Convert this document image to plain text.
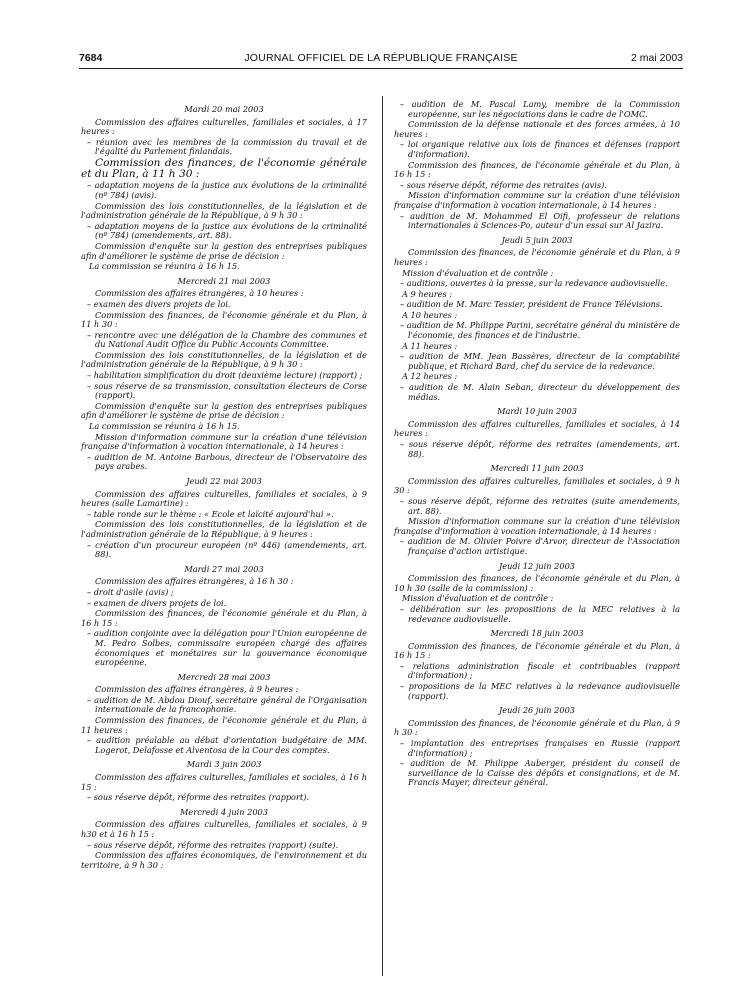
7684	JOURNAL OFFICIEL DE LA RÉPUBLIQUE FRANÇAISE	2 mai 2003
Mardi 20 mai 2003
Commission des affaires culturelles, familiales et sociales, à 17 heures :
– réunion avec les membres de la commission du travail et de l'égalité du Parlement finlandais.
Commission des finances, de l'économie générale et du Plan, à 11 h 30 :
– adaptation moyens de la justice aux évolutions de la criminalité (nº 784) (avis).
Commission des lois constitutionnelles, de la législation et de l'administration générale de la République, à 9 h 30 :
– adaptation moyens de la justice aux évolutions de la criminalité (nº 784) (amendements, art. 88).
Commission d'enquête sur la gestion des entreprises publiques afin d'améliorer le système de prise de décision :
La commission se réunira à 16 h 15.
Mercredi 21 mai 2003
Commission des affaires étrangères, à 10 heures :
– examen des divers projets de loi.
Commission des finances, de l'économie générale et du Plan, à 11 h 30 :
– rencontre avec une délégation de la Chambre des communes et du National Audit Office du Public Accounts Committee.
Commission des lois constitutionnelles, de la législation et de l'administration générale de la République, à 9 h 30 :
– habilitation simplification du droit (deuxième lecture) (rapport) ;
– sous réserve de sa transmission, consultation électeurs de Corse (rapport).
Commission d'enquête sur la gestion des entreprises publiques afin d'améliorer le système de prise de décision :
La commission se réunira à 16 h 15.
Mission d'information commune sur la création d'une télévision française d'information à vocation internationale, à 14 heures :
– audition de M. Antoine Barbous, directeur de l'Observatoire des pays arabes.
Jeudi 22 mai 2003
Commission des affaires culturelles, familiales et sociales, à 9 heures (salle Lamartine) :
– table ronde sur le thème : « Ecole et laïcité aujourd'hui ».
Commission des lois constitutionnelles, de la législation et de l'administration générale de la République, à 9 heures :
– création d'un procureur européen (nº 446) (amendements, art. 88).
Mardi 27 mai 2003
Commission des affaires étrangères, à 16 h 30 :
– droit d'asile (avis) ;
– examen de divers projets de loi.
Commission des finances, de l'économie générale et du Plan, à 16 h 15 :
– audition conjointe avec la délégation pour l'Union européenne de M. Pedro Solbes, commissaire européen chargé des affaires économiques et monétaires sur la gouvernance économique européenne.
Mercredi 28 mai 2003
Commission des affaires étrangères, à 9 heures :
– audition de M. Abdou Diouf, secrétaire général de l'Organisation internationale de la francophonie.
Commission des finances, de l'économie générale et du Plan, à 11 heures :
– audition préalable au débat d'orientation budgétaire de MM. Logerot, Delafosse et Alventosa de la Cour des comptes.
Mardi 3 juin 2003
Commission des affaires culturelles, familiales et sociales, à 16 h 15 :
– sous réserve dépôt, réforme des retraites (rapport).
Mercredi 4 juin 2003
Commission des affaires culturelles, familiales et sociales, à 9 h30 et à 16 h 15 :
– sous réserve dépôt, réforme des retraites (rapport) (suite).
Commission des affaires économiques, de l'environnement et du territoire, à 9 h 30 :
– audition de M. Pascal Lamy, membre de la Commission européenne, sur les négociations dans le cadre de l'OMC.
Commission de la défense nationale et des forces armées, à 10 heures :
– loi organique relative aux lois de finances et défenses (rapport d'information).
Commission des finances, de l'économie générale et du Plan, à 16 h 15 :
– sous réserve dépôt, réforme des retraites (avis).
Mission d'information commune sur la création d'une télévision française d'information à vocation internationale, à 14 heures :
– audition de M. Mohammed El Oifi, professeur de relations internationales à Sciences-Po, auteur d'un essai sur Al Jazira.
Jeudi 5 juin 2003
Commission des finances, de l'économie générale et du Plan, à 9 heures :
Mission d'évaluation et de contrôle :
– auditions, ouvertes à la presse, sur la redevance audiovisuelle.
A 9 heures :
– audition de M. Marc Tessier, président de France Télévisions.
A 10 heures :
– audition de M. Philippe Parini, secrétaire général du ministère de l'économie, des finances et de l'industrie.
A 11 heures :
– audition de MM. Jean Bassères, directeur de la comptabilité publique, et Richard Bard, chef du service de la redevance.
A 12 heures :
– audition de M. Alain Seban, directeur du développement des médias.
Mardi 10 juin 2003
Commission des affaires culturelles, familiales et sociales, à 14 heures :
– sous réserve dépôt, réforme des retraites (amendements, art. 88).
Mercredi 11 juin 2003
Commission des affaires culturelles, familiales et sociales, à 9 h 30 :
– sous réserve dépôt, réforme des retraites (suite amendements, art. 88).
Mission d'information commune sur la création d'une télévision française d'information à vocation internationale, à 14 heures :
– audition de M. Olivier Poivre d'Arvor, directeur de l'Association française d'action artistique.
Jeudi 12 juin 2003
Commission des finances, de l'économie générale et du Plan, à 10 h 30 (salle de la commission) :
Mission d'évaluation et de contrôle :
– délibération sur les propositions de la MEC relatives à la redevance audiovisuelle.
Mercredi 18 juin 2003
Commission des finances, de l'économie générale et du Plan, à 16 h 15 :
– relations administration fiscale et contribuables (rapport d'information) ;
– propositions de la MEC relatives à la redevance audiovisuelle (rapport).
Jeudi 26 juin 2003
Commission des finances, de l'économie générale et du Plan, à 9 h 30 :
– implantation des entreprises françaises en Russie (rapport d'information) ;
– audition de M. Philippe Auberger, président du conseil de surveillance de la Caisse des dépôts et consignations, et de M. Francis Mayer, directeur général.
